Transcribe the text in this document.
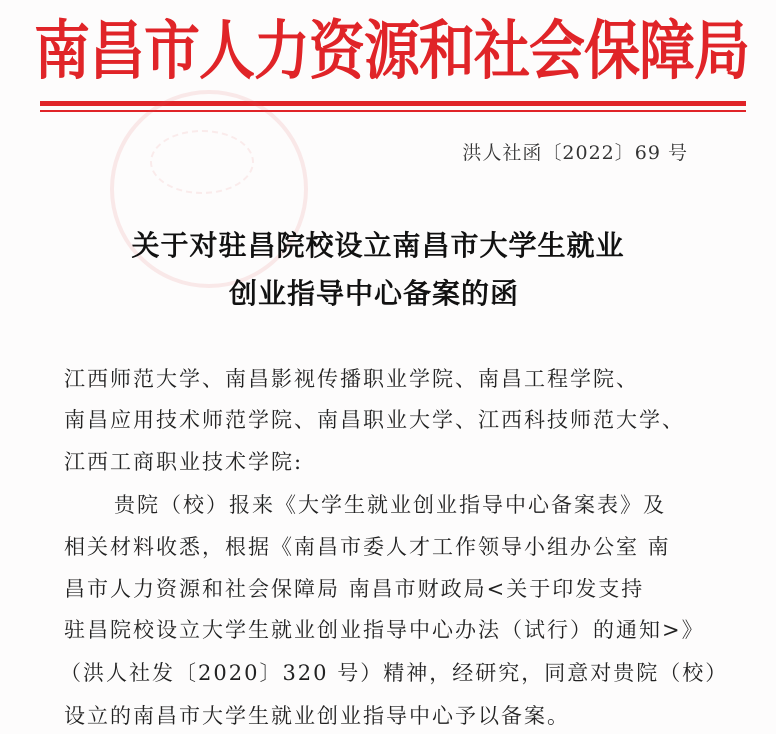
南昌市人力资源和社会保障局
洪人社函〔2022〕69 号
关于对驻昌院校设立南昌市大学生就业
创业指导中心备案的函
江西师范大学、南昌影视传播职业学院、南昌工程学院、
南昌应用技术师范学院、南昌职业大学、江西科技师范大学、
江西工商职业技术学院:
贵院（校）报来《大学生就业创业指导中心备案表》及
相关材料收悉，根据《南昌市委人才工作领导小组办公室 南
昌市人力资源和社会保障局 南昌市财政局<关于印发支持
驻昌院校设立大学生就业创业指导中心办法（试行）的通知>》
（洪人社发〔2020〕320 号）精神，经研究，同意对贵院（校）
设立的南昌市大学生就业创业指导中心予以备案。
